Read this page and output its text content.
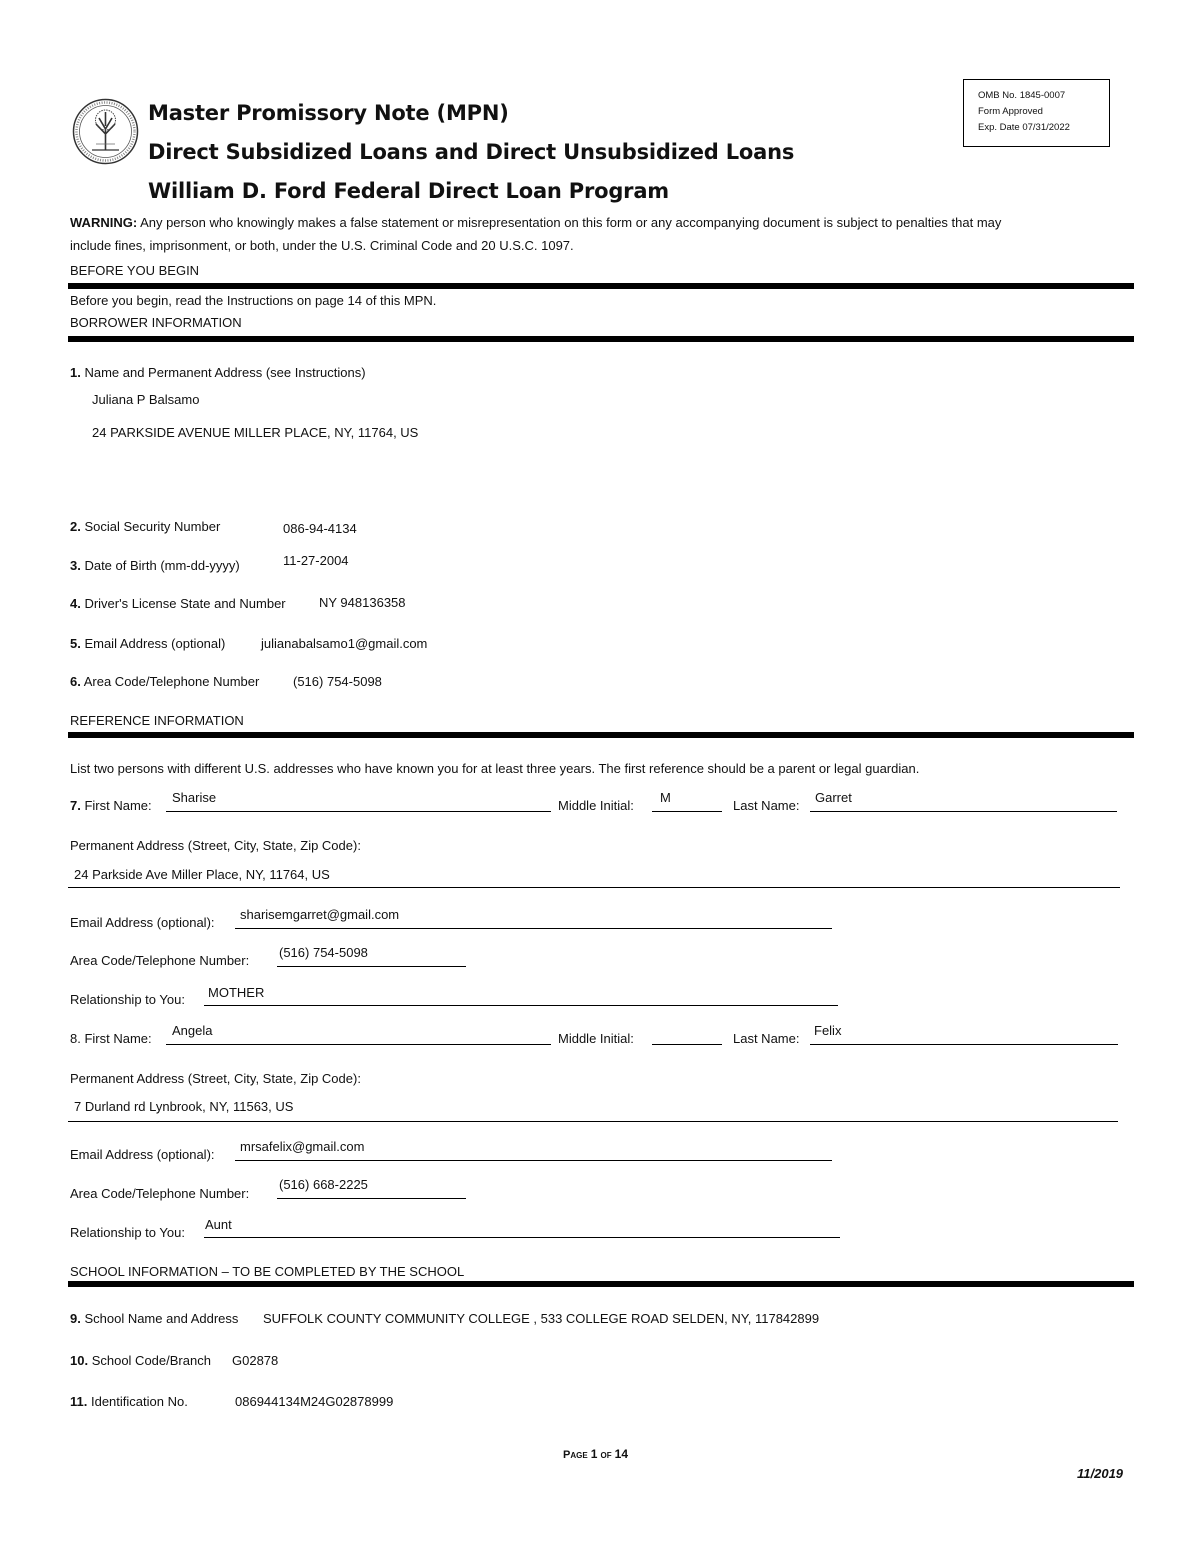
Master Promissory Note (MPN)
Direct Subsidized Loans and Direct Unsubsidized Loans
William D. Ford Federal Direct Loan Program
OMB No. 1845-0007
Form Approved
Exp. Date 07/31/2022
WARNING: Any person who knowingly makes a false statement or misrepresentation on this form or any accompanying document is subject to penalties that may
include fines, imprisonment, or both, under the U.S. Criminal Code and 20 U.S.C. 1097.
BEFORE YOU BEGIN
Before you begin, read the Instructions on page 14 of this MPN.
BORROWER INFORMATION
1. Name and Permanent Address (see Instructions)
Juliana P Balsamo
24 PARKSIDE AVENUE MILLER PLACE, NY, 11764, US
2. Social Security Number	086-94-4134
3. Date of Birth (mm-dd-yyyy)	11-27-2004
4. Driver's License State and Number	NY 948136358
5. Email Address (optional)	julianabalsamo1@gmail.com
6. Area Code/Telephone Number	(516) 754-5098
REFERENCE INFORMATION
List two persons with different U.S. addresses who have known you for at least three years. The first reference should be a parent or legal guardian.
7. First Name:
Sharise
Middle Initial:
M
Last Name:
Garret
Permanent Address (Street, City, State, Zip Code):
24 Parkside Ave Miller Place, NY, 11764, US
Email Address (optional):
sharisemgarret@gmail.com
Area Code/Telephone Number:
(516) 754-5098
Relationship to You: MOTHER
8. First Name:
Angela
Middle Initial:	Last Name:
Felix
Permanent Address (Street, City, State, Zip Code):
7 Durland rd Lynbrook, NY, 11563, US
Email Address (optional):
mrsafelix@gmail.com
Area Code/Telephone Number:
(516) 668-2225
Relationship to You:
Aunt
SCHOOL INFORMATION – TO BE COMPLETED BY THE SCHOOL
9. School Name and Address SUFFOLK COUNTY COMMUNITY COLLEGE , 533 COLLEGE ROAD SELDEN, NY, 117842899
10. School Code/Branch G02878
11. Identification No.	086944134M24G02878999
Page 1 of 14
11/2019
